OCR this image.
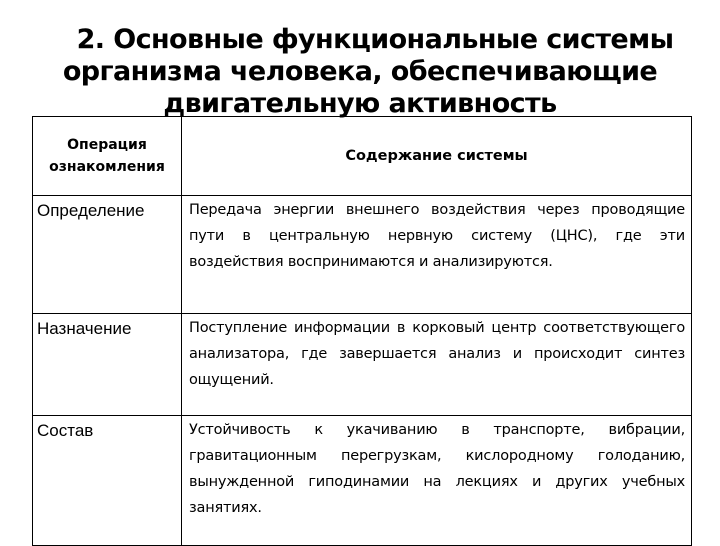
2. Основные функциональные системы
организма человека, обеспечивающие
двигательную активность
Операция
ознакомления	Содержание системы
Определение	Передача энергии внешнего воздействия через проводящие пути в центральную нервную систему (ЦНС), где эти воздействия воспринимаются и анализируются.
Назначение	Поступление информации в корковый центр соответствующего анализатора, где завершается анализ и происходит синтез ощущений.
Состав	Устойчивость к укачиванию в транспорте, вибрации, гравитационным перегрузкам, кислородному голоданию, вынужденной гиподинамии на лекциях и других учебных занятиях.
